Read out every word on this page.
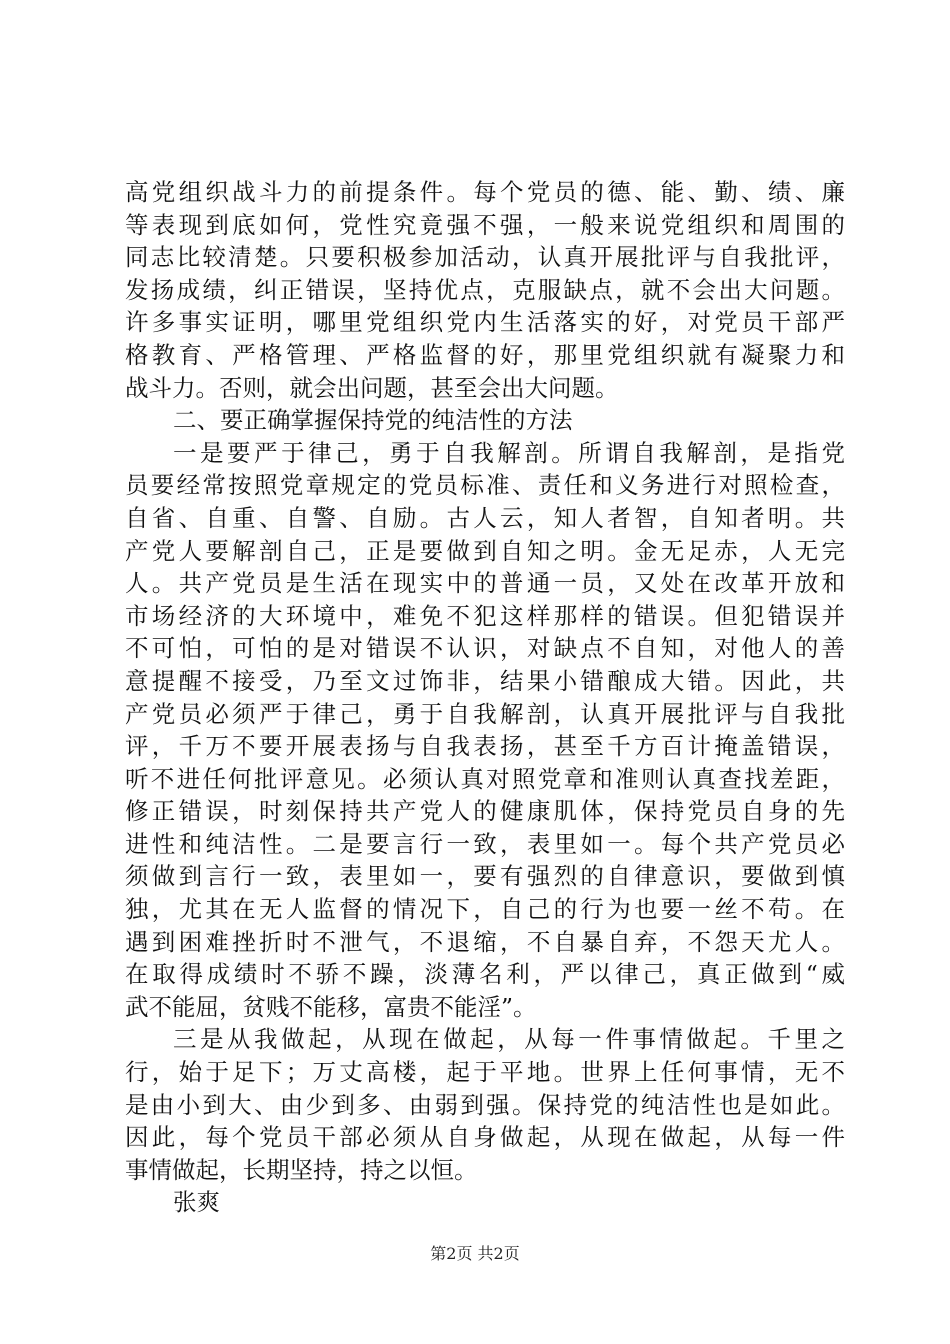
高党组织战斗力的前提条件。每个党员的德、能、勤、绩、廉
等表现到底如何，党性究竟强不强，一般来说党组织和周围的
同志比较清楚。只要积极参加活动，认真开展批评与自我批评，
发扬成绩，纠正错误，坚持优点，克服缺点，就不会出大问题。
许多事实证明，哪里党组织党内生活落实的好，对党员干部严
格教育、严格管理、严格监督的好，那里党组织就有凝聚力和
战斗力。否则，就会出问题，甚至会出大问题。
二、要正确掌握保持党的纯洁性的方法
一是要严于律己，勇于自我解剖。所谓自我解剖，是指党
员要经常按照党章规定的党员标准、责任和义务进行对照检查，
自省、自重、自警、自励。古人云，知人者智，自知者明。共
产党人要解剖自己，正是要做到自知之明。金无足赤，人无完
人。共产党员是生活在现实中的普通一员，又处在改革开放和
市场经济的大环境中，难免不犯这样那样的错误。但犯错误并
不可怕，可怕的是对错误不认识，对缺点不自知，对他人的善
意提醒不接受，乃至文过饰非，结果小错酿成大错。因此，共
产党员必须严于律己，勇于自我解剖，认真开展批评与自我批
评，千万不要开展表扬与自我表扬，甚至千方百计掩盖错误，
听不进任何批评意见。必须认真对照党章和准则认真查找差距，
修正错误，时刻保持共产党人的健康肌体，保持党员自身的先
进性和纯洁性。二是要言行一致，表里如一。每个共产党员必
须做到言行一致，表里如一，要有强烈的自律意识，要做到慎
独，尤其在无人监督的情况下，自己的行为也要一丝不苟。在
遇到困难挫折时不泄气，不退缩，不自暴自弃，不怨天尤人。
在取得成绩时不骄不躁，淡薄名利，严以律己，真正做到“威
武不能屈，贫贱不能移，富贵不能淫”。
三是从我做起，从现在做起，从每一件事情做起。千里之
行，始于足下；万丈高楼，起于平地。世界上任何事情，无不
是由小到大、由少到多、由弱到强。保持党的纯洁性也是如此。
因此，每个党员干部必须从自身做起，从现在做起，从每一件
事情做起，长期坚持，持之以恒。
张爽
第2页 共2页
